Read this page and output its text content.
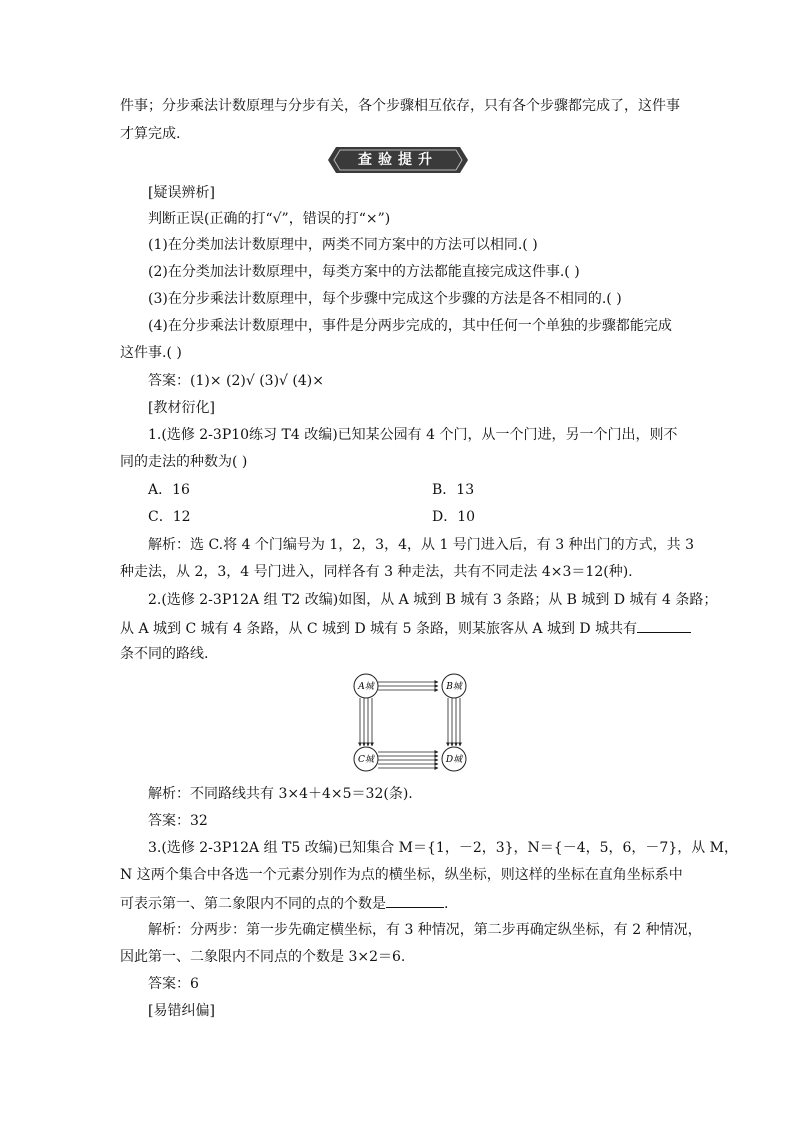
件事；分步乘法计数原理与分步有关，各个步骤相互依存，只有各个步骤都完成了，这件事
才算完成.
查验提升
[疑误辨析]
判断正误(正确的打“√”，错误的打“×”)
(1)在分类加法计数原理中，两类不同方案中的方法可以相同.( )
(2)在分类加法计数原理中，每类方案中的方法都能直接完成这件事.( )
(3)在分步乘法计数原理中，每个步骤中完成这个步骤的方法是各不相同的.( )
(4)在分步乘法计数原理中，事件是分两步完成的，其中任何一个单独的步骤都能完成
这件事.( )
答案：(1)× (2)√ (3)√ (4)×
[教材衍化]
1.(选修 2-3P10练习 T4 改编)已知某公园有 4 个门，从一个门进，另一个门出，则不
同的走法的种数为( )
A．16	B．13
C．12	D．10
解析：选 C.将 4 个门编号为 1，2，3，4，从 1 号门进入后，有 3 种出门的方式，共 3
种走法，从 2，3，4 号门进入，同样各有 3 种走法，共有不同走法 4×3＝12(种).
2.(选修 2-3P12A 组 T2 改编)如图，从 A 城到 B 城有 3 条路；从 B 城到 D 城有 4 条路；
从 A 城到 C 城有 4 条路，从 C 城到 D 城有 5 条路，则某旅客从 A 城到 D 城共有
条不同的路线.
A城	B城
C城	D城
解析：不同路线共有 3×4＋4×5＝32(条).
答案：32
3.(选修 2-3P12A 组 T5 改编)已知集合 M＝{1，－2，3}，N＝{－4，5，6，－7}，从 M，
N 这两个集合中各选一个元素分别作为点的横坐标，纵坐标，则这样的坐标在直角坐标系中
可表示第一、第二象限内不同的点的个数是	.
解析：分两步：第一步先确定横坐标，有 3 种情况，第二步再确定纵坐标，有 2 种情况，
因此第一、二象限内不同点的个数是 3×2＝6.
答案：6
[易错纠偏]
